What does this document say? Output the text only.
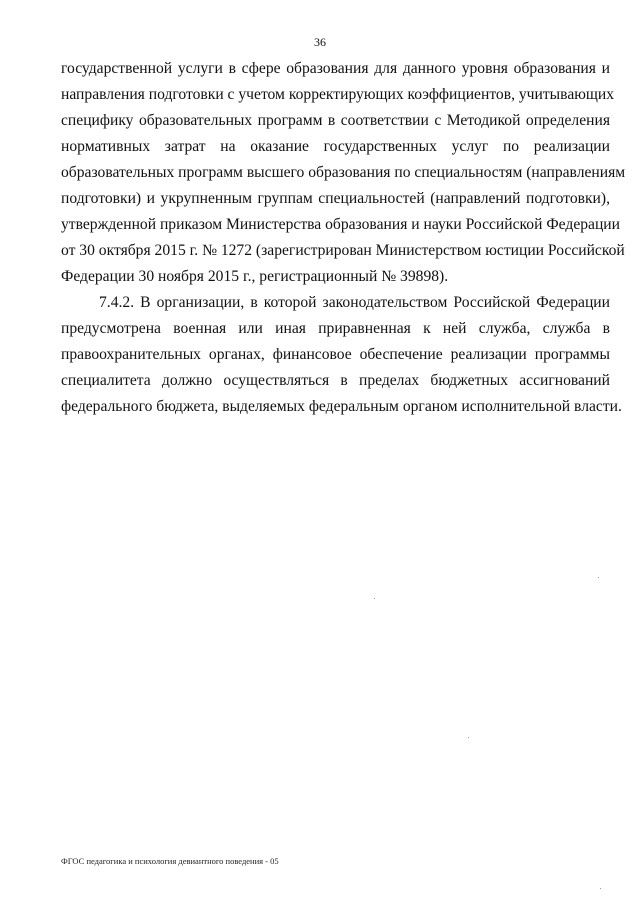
36
государственной услуги в сфере образования для данного уровня образования и
направления подготовки с учетом корректирующих коэффициентов, учитывающих
специфику образовательных программ в соответствии с Методикой определения
нормативных затрат на оказание государственных услуг по реализации
образовательных программ высшего образования по специальностям (направлениям
подготовки) и укрупненным группам специальностей (направлений подготовки),
утвержденной приказом Министерства образования и науки Российской Федерации
от 30 октября 2015 г. № 1272 (зарегистрирован Министерством юстиции Российской
Федерации 30 ноября 2015 г., регистрационный № 39898).
7.4.2. В организации, в которой законодательством Российской Федерации
предусмотрена военная или иная приравненная к ней служба, служба в
правоохранительных органах, финансовое обеспечение реализации программы
специалитета должно осуществляться в пределах бюджетных ассигнований
федерального бюджета, выделяемых федеральным органом исполнительной власти.
ФГОС педагогика и психология девиантного поведения - 05
